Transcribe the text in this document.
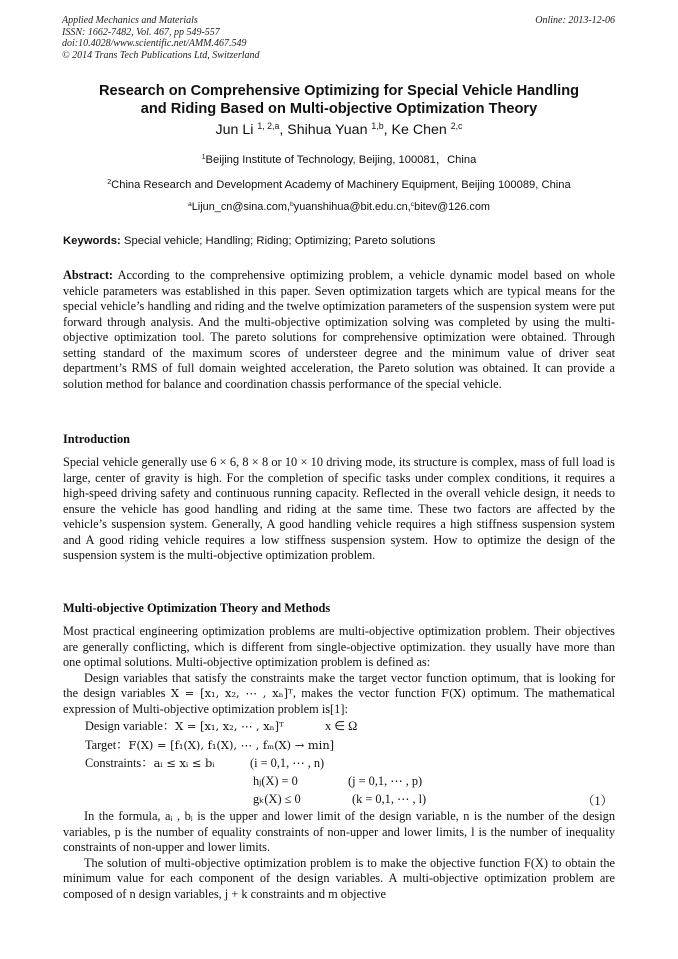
Applied Mechanics and Materials
ISSN: 1662-7482, Vol. 467, pp 549-557
doi:10.4028/www.scientific.net/AMM.467.549
© 2014 Trans Tech Publications Ltd, Switzerland
Online: 2013-12-06
Research on Comprehensive Optimizing for Special Vehicle Handling
and Riding Based on Multi-objective Optimization Theory
Jun Li $^{1, 2,a}$, Shihua Yuan $^{1,b}$, Ke Chen $^{2,c}$
$^1$Beijing Institute of Technology, Beijing, 100081，China
$^2$China Research and Development Academy of Machinery Equipment, Beijing 100089, China
$^a$Lijun_cn@sina.com,$^b$yuanshihua@bit.edu.cn,$^c$bitev@126.com
Keywords: Special vehicle; Handling; Riding; Optimizing; Pareto solutions
Abstract: According to the comprehensive optimizing problem, a vehicle dynamic model based on whole vehicle parameters was established in this paper. Seven optimization targets which are typical means for the special vehicle’s handling and riding and the twelve optimization parameters of the suspension system were put forward through analysis. And the multi-objective optimization solving was completed by using the multi-objective optimization tool. The pareto solutions for comprehensive optimization were obtained. Through setting standard of the maximum scores of understeer degree and the minimum value of driver seat department’s RMS of full domain weighted acceleration, the Pareto solution was obtained. It can provide a solution method for balance and coordination chassis performance of the special vehicle.
Introduction
Special vehicle generally use 6 × 6, 8 × 8 or 10 × 10 driving mode, its structure is complex, mass of full load is large, center of gravity is high. For the completion of specific tasks under complex conditions, it requires a high-speed driving safety and continuous running capacity. Reflected in the overall vehicle design, it needs to ensure the vehicle has good handling and riding at the same time. These two factors are affected by the vehicle’s suspension system. Generally, A good handling vehicle requires a high stiffness suspension system and A good riding vehicle requires a low stiffness suspension system. How to optimize the design of the suspension system is the multi-objective optimization problem.
Multi-objective Optimization Theory and Methods

Most practical engineering optimization problems are multi-objective optimization problem. Their objectives are generally conflicting, which is different from single-objective optimization. they usually have more than one optimal solutions. Multi-objective optimization problem is defined as:

Design variables that satisfy the constraints make the target vector function optimum, that is looking for the design variables X = [x₁, x₂, ⋯ , xₙ]ᵀ, makes the vector function F(X) optimum. The mathematical expression of Multi-objective optimization problem is[1]:

Design variable：X = [x₁, x₂, ⋯ , xₙ]ᵀ	x ∈ Ω
Target：F(X) = [f₁(X), f₁(X), ⋯ , fₘ(X) → min]
Constraints：aᵢ ≤ xᵢ ≤ bᵢ	(i = 0,1, ⋯ , n)
hⱼ(X) = 0	(j = 0,1, ⋯ , p)
gₖ(X) ≤ 0	(k = 0,1, ⋯ , l)	（1）

In the formula, aᵢ , bᵢ is the upper and lower limit of the design variable, n is the number of the design variables, p is the number of equality constraints of non-upper and lower limits, l is the number of inequality constraints of non-upper and lower limits.

The solution of multi-objective optimization problem is to make the objective function F(X) to obtain the minimum value for each component of the design variables. A multi-objective optimization problem are composed of n design variables, j + k constraints and m objective
